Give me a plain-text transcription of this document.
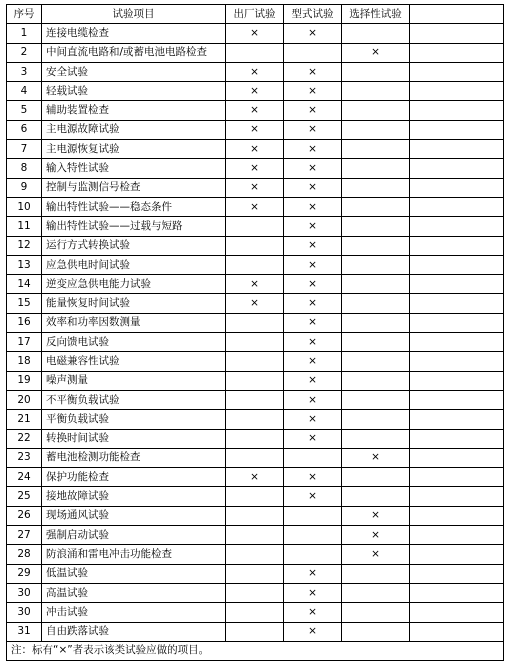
序号	试验项目	出厂试验	型式试验	选择性试验	
1	连接电缆检查	×	×		
2	中间直流电路和/或蓄电池电路检查			×	
3	安全试验	×	×		
4	轻载试验	×	×		
5	辅助装置检查	×	×		
6	主电源故障试验	×	×		
7	主电源恢复试验	×	×		
8	输入特性试验	×	×		
9	控制与监测信号检查	×	×		
10	输出特性试验——稳态条件	×	×		
11	输出特性试验——过载与短路		×		
12	运行方式转换试验		×		
13	应急供电时间试验		×		
14	逆变应急供电能力试验	×	×		
15	能量恢复时间试验	×	×		
16	效率和功率因数测量		×		
17	反向馈电试验		×		
18	电磁兼容性试验		×		
19	噪声测量		×		
20	不平衡负载试验		×		
21	平衡负载试验		×		
22	转换时间试验		×		
23	蓄电池检测功能检查			×	
24	保护功能检查	×	×		
25	接地故障试验		×		
26	现场通风试验			×	
27	强制启动试验			×	
28	防浪涌和雷电冲击功能检查			×	
29	低温试验		×		
30	高温试验		×		
30	冲击试验		×		
31	自由跌落试验		×		
注：标有“×”者表示该类试验应做的项目。					
